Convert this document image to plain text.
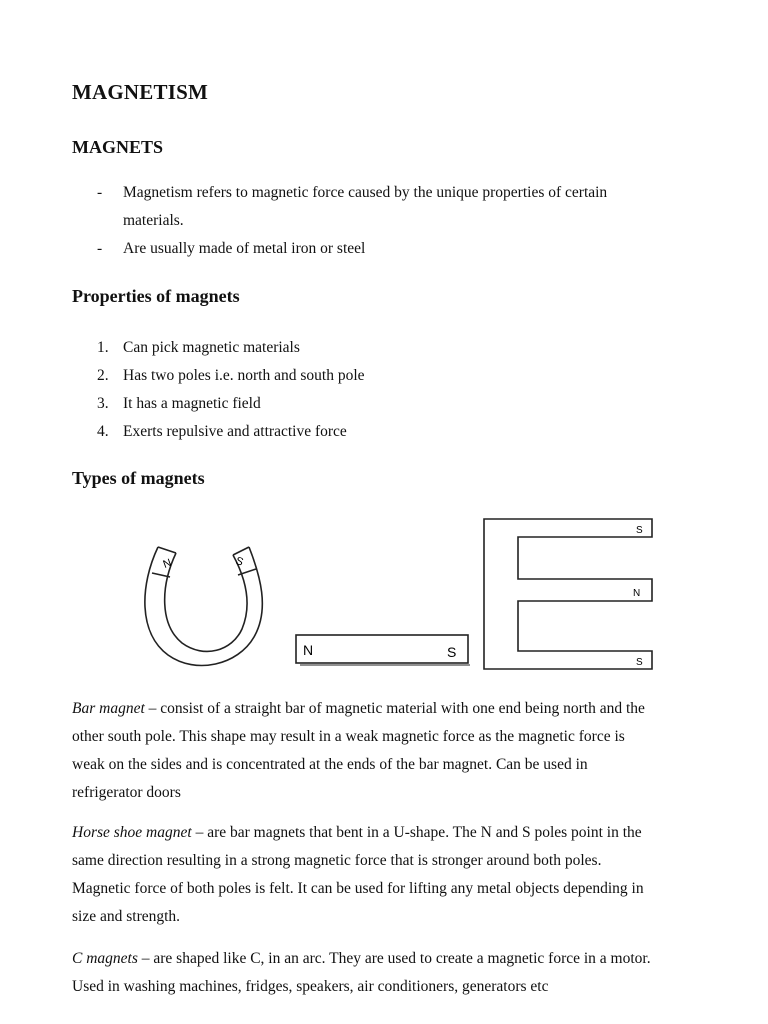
MAGNETISM
MAGNETS
-	Magnetism refers to magnetic force caused by the unique properties of certain
materials.
-	Are usually made of metal iron or steel
Properties of magnets
1. Can pick magnetic materials
2. Has two poles i.e. north and south pole
3. It has a magnetic field
4. Exerts repulsive and attractive force
Types of magnets
N	S
N	S
S
N
S
Bar magnet – consist of a straight bar of magnetic material with one end being north and the
other south pole. This shape may result in a weak magnetic force as the magnetic force is
weak on the sides and is concentrated at the ends of the bar magnet. Can be used in
refrigerator doors
Horse shoe magnet – are bar magnets that bent in a U-shape. The N and S poles point in the
same direction resulting in a strong magnetic force that is stronger around both poles.
Magnetic force of both poles is felt. It can be used for lifting any metal objects depending in
size and strength.
C magnets – are shaped like C, in an arc. They are used to create a magnetic force in a motor.
Used in washing machines, fridges, speakers, air conditioners, generators etc
